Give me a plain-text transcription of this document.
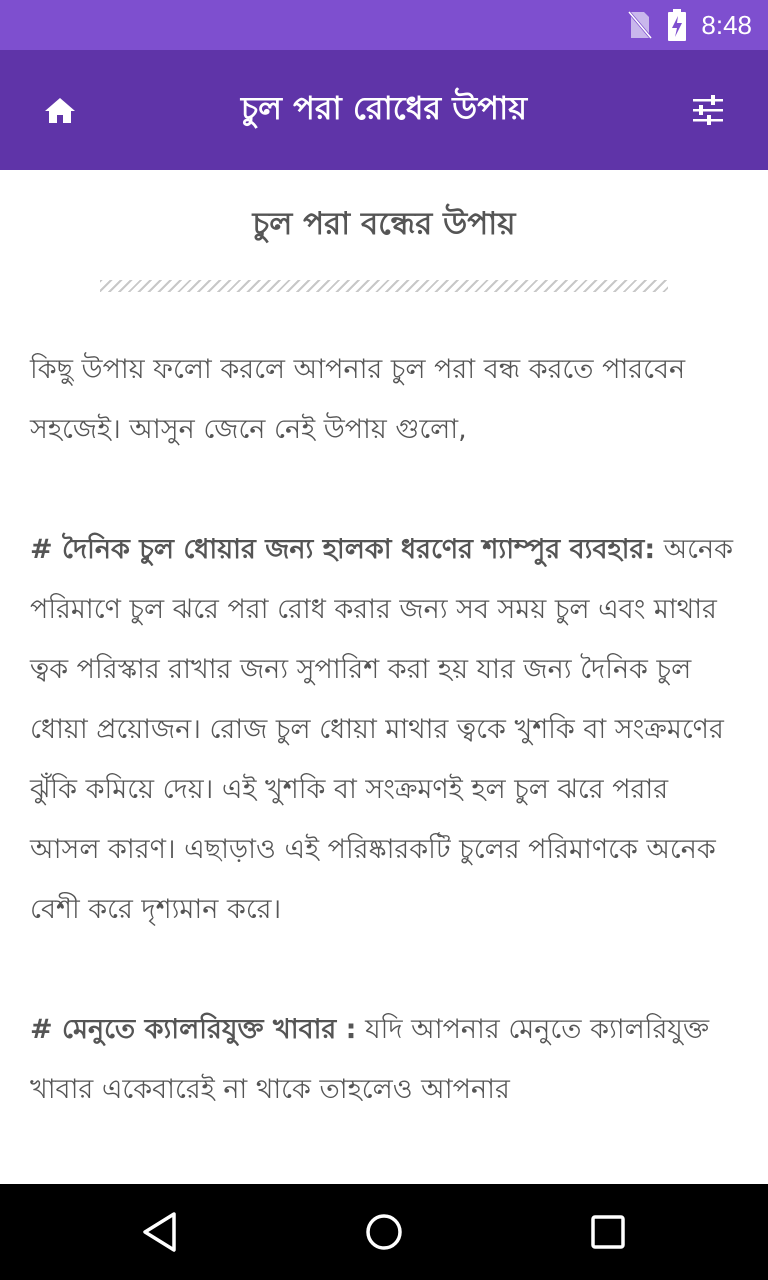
8:48
চুল পরা রোধের উপায়
চুল পরা বন্ধের উপায়

কিছু উপায় ফলো করলে আপনার চুল পরা বন্ধ করতে পারবেন সহজেই। আসুন জেনে নেই উপায় গুলো,

# দৈনিক চুল ধোয়ার জন্য হালকা ধরণের শ্যাম্পুর ব্যবহার: অনেক পরিমাণে চুল ঝরে পরা রোধ করার জন্য সব সময় চুল এবং মাথার ত্বক পরিস্কার রাখার জন্য সুপারিশ করা হয় যার জন্য দৈনিক চুল ধোয়া প্রয়োজন। রোজ চুল ধোয়া মাথার ত্বকে খুশকি বা সংক্রমণের ঝুঁকি কমিয়ে দেয়। এই খুশকি বা সংক্রমণই হল চুল ঝরে পরার আসল কারণ। এছাড়াও এই পরিষ্কারকটি চুলের পরিমাণকে অনেক বেশী করে দৃশ্যমান করে।

# মেনুতে ক্যালরিযুক্ত খাবার : যদি আপনার মেনুতে ক্যালরিযুক্ত খাবার একেবারেই না থাকে তাহলেও আপনার
